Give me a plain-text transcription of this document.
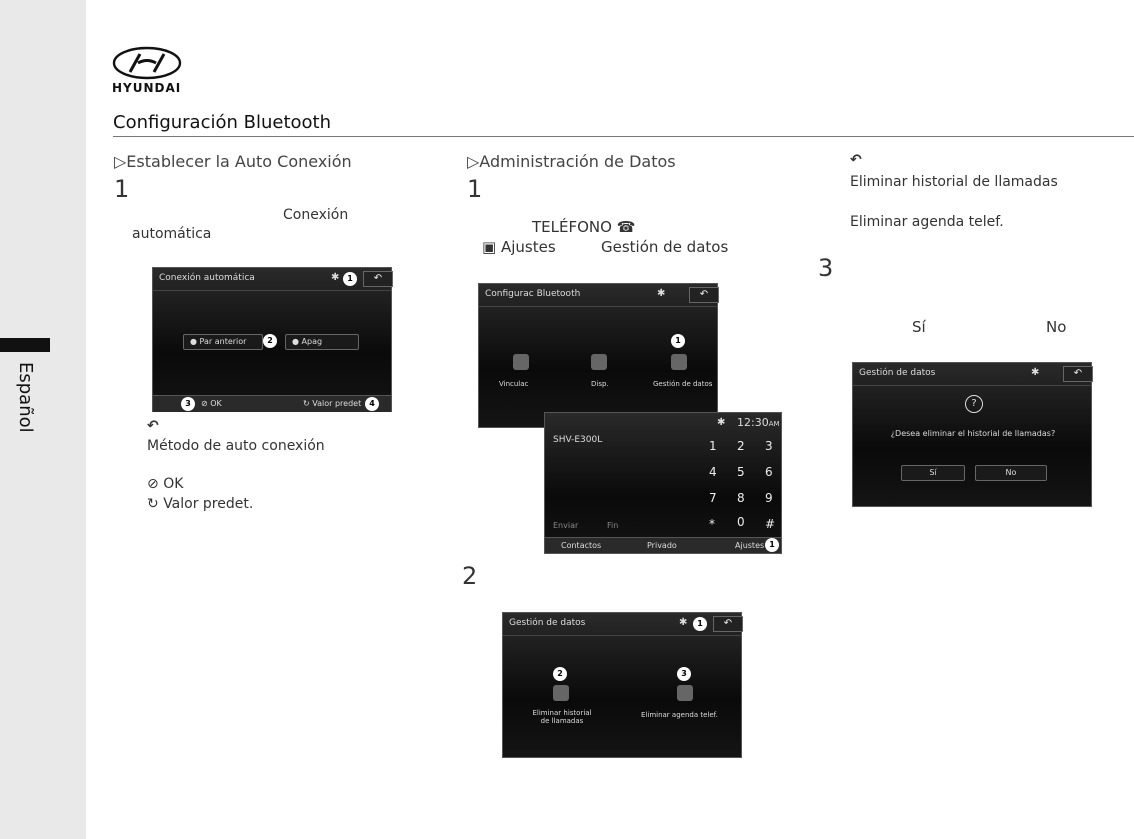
Español
HYUNDAI
Configuración Bluetooth
▷Establecer la Auto Conexión
1
Conexión
automática
Conexión automática	✱ 1	↶
● Par anterior	2	● Apag
3	⊘ OK	↻ Valor predet	4
↶
Método de auto conexión
⊘ OK
↻ Valor predet.
▷Administración de Datos
1
TELÉFONO ☎
▣ Ajustes	Gestión de datos
Configurac Bluetooth	✱	↶
Vinculac	Disp.
1
Gestión de datos
✱ 12:30AM
SHV-E300L	1 2 3
4 5 6
7 8 9
* 0 #
Enviar	Fin
Contactos	Privado	Ajustes 1
2
Gestión de datos	✱	1	↶
2
Eliminar historial
de llamadas
3
Eliminar agenda telef.
↶
Eliminar historial de llamadas
Eliminar agenda telef.
3
Sí	No
Gestión de datos	✱	↶
?
¿Desea eliminar el historial de llamadas?
Sí	No
